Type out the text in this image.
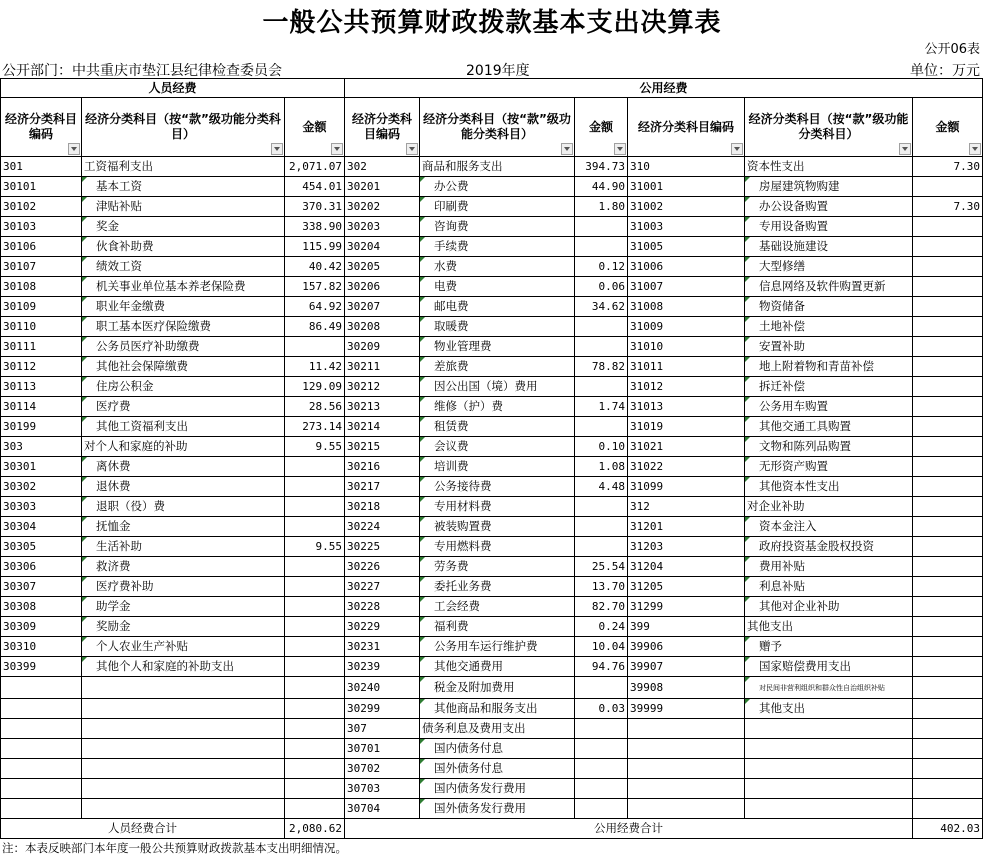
一般公共预算财政拨款基本支出决算表
公开06表
公开部门：中共重庆市垫江县纪律检查委员会	2019年度	单位：万元
人员经费			公用经费					
经济分类科目编码	经济分类科目（按“款”级功能分类科目）	金额	经济分类科目编码	经济分类科目（按“款”级功能分类科目）	金额	经济分类科目编码	经济分类科目（按“款”级功能分类科目）	金额

301	工资福利支出	2,071.07	302	商品和服务支出	394.73	310	资本性支出	7.30
30101	基本工资	454.01	30201	办公费	44.90	31001	房屋建筑物购建	
30102	津贴补贴	370.31	30202	印刷费	1.80	31002	办公设备购置	7.30
30103	奖金	338.90	30203	咨询费		31003	专用设备购置	
30106	伙食补助费	115.99	30204	手续费		31005	基础设施建设	
30107	绩效工资	40.42	30205	水费	0.12	31006	大型修缮	
30108	机关事业单位基本养老保险费	157.82	30206	电费	0.06	31007	信息网络及软件购置更新	
30109	职业年金缴费	64.92	30207	邮电费	34.62	31008	物资储备	
30110	职工基本医疗保险缴费	86.49	30208	取暖费		31009	土地补偿	
30111	公务员医疗补助缴费		30209	物业管理费		31010	安置补助	
30112	其他社会保障缴费	11.42	30211	差旅费	78.82	31011	地上附着物和青苗补偿	
30113	住房公积金	129.09	30212	因公出国（境）费用		31012	拆迁补偿	
30114	医疗费	28.56	30213	维修（护）费	1.74	31013	公务用车购置	
30199	其他工资福利支出	273.14	30214	租赁费		31019	其他交通工具购置	
303	对个人和家庭的补助	9.55	30215	会议费	0.10	31021	文物和陈列品购置	
30301	离休费		30216	培训费	1.08	31022	无形资产购置	
30302	退休费		30217	公务接待费	4.48	31099	其他资本性支出	
30303	退职（役）费		30218	专用材料费		312	对企业补助	
30304	抚恤金		30224	被装购置费		31201	资本金注入	
30305	生活补助	9.55	30225	专用燃料费		31203	政府投资基金股权投资	
30306	救济费		30226	劳务费	25.54	31204	费用补贴	
30307	医疗费补助		30227	委托业务费	13.70	31205	利息补贴	
30308	助学金		30228	工会经费	82.70	31299	其他对企业补助	
30309	奖励金		30229	福利费	0.24	399	其他支出	
30310	个人农业生产补贴		30231	公务用车运行维护费	10.04	39906	赠予	
30399	其他个人和家庭的补助支出		30239	其他交通费用	94.76	39907	国家赔偿费用支出	
			30240	税金及附加费用		39908	对民间非营利组织和群众性自治组织补贴	
			30299	其他商品和服务支出	0.03	39999	其他支出	
			307	债务利息及费用支出				
			30701	国内债务付息				
			30702	国外债务付息				
			30703	国内债务发行费用				
			30704	国外债务发行费用				
人员经费合计		2,080.62	公用经费合计					402.03
注：本表反映部门本年度一般公共预算财政拨款基本支出明细情况。
